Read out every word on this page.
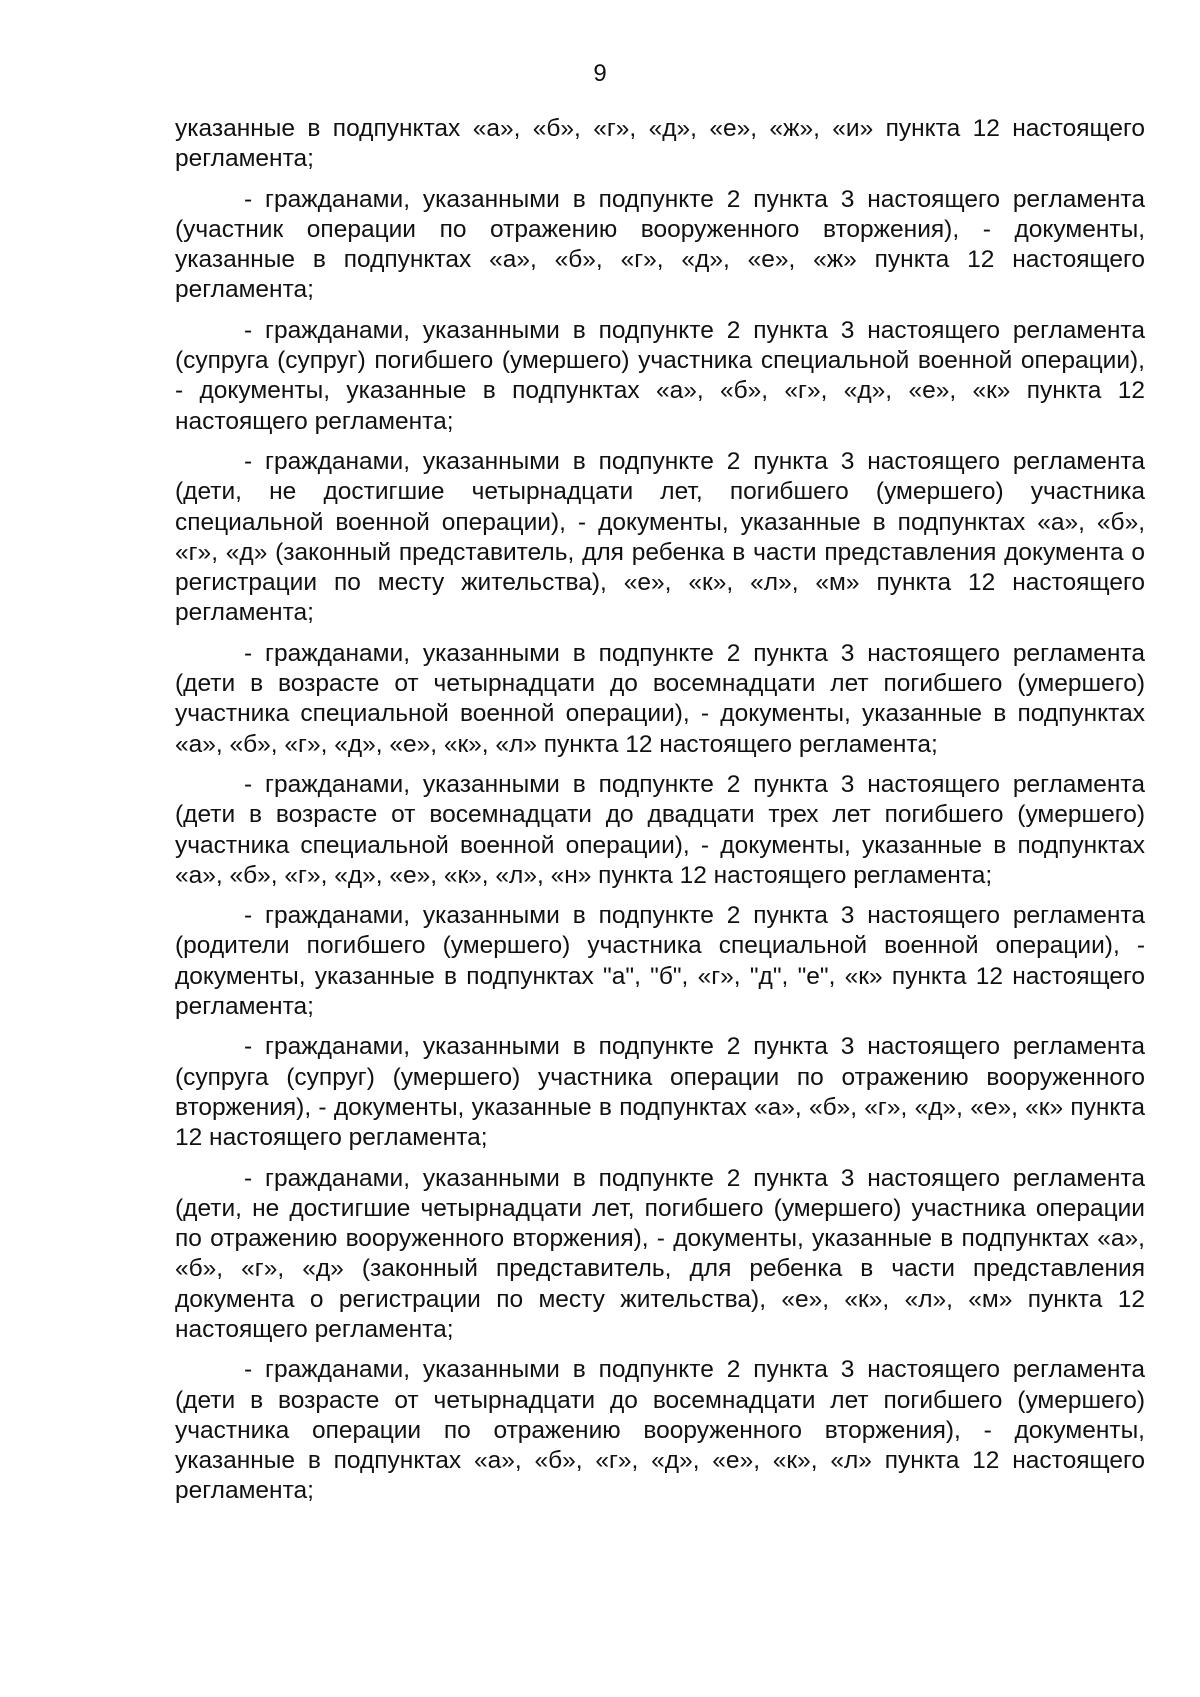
9

указанные в подпунктах «а», «б», «г», «д», «е», «ж», «и» пункта 12 настоящего регламента;

- гражданами, указанными в подпункте 2 пункта 3 настоящего регламента (участник операции по отражению вооруженного вторжения), - документы, указанные в подпунктах «а», «б», «г», «д», «е», «ж» пункта 12 настоящего регламента;

- гражданами, указанными в подпункте 2 пункта 3 настоящего регламента (супруга (супруг) погибшего (умершего) участника специальной военной операции), - документы, указанные в подпунктах «а», «б», «г», «д», «е», «к» пункта 12 настоящего регламента;

- гражданами, указанными в подпункте 2 пункта 3 настоящего регламента (дети, не достигшие четырнадцати лет, погибшего (умершего) участника специальной военной операции), - документы, указанные в подпунктах «а», «б», «г», «д» (законный представитель, для ребенка в части представления документа о регистрации по месту жительства), «е», «к», «л», «м» пункта 12 настоящего регламента;

- гражданами, указанными в подпункте 2 пункта 3 настоящего регламента (дети в возрасте от четырнадцати до восемнадцати лет погибшего (умершего) участника специальной военной операции), - документы, указанные в подпунктах «а», «б», «г», «д», «е», «к», «л» пункта 12 настоящего регламента;

- гражданами, указанными в подпункте 2 пункта 3 настоящего регламента (дети в возрасте от восемнадцати до двадцати трех лет погибшего (умершего) участника специальной военной операции), - документы, указанные в подпунктах «а», «б», «г», «д», «е», «к», «л», «н» пункта 12 настоящего регламента;

- гражданами, указанными в подпункте 2 пункта 3 настоящего регламента (родители погибшего (умершего) участника специальной военной операции), - документы, указанные в подпунктах "а", "б", «г», "д", "е", «к» пункта 12 настоящего регламента;

- гражданами, указанными в подпункте 2 пункта 3 настоящего регламента (супруга (супруг) (умершего) участника операции по отражению вооруженного вторжения), - документы, указанные в подпунктах «а», «б», «г», «д», «е», «к» пункта 12 настоящего регламента;

- гражданами, указанными в подпункте 2 пункта 3 настоящего регламента (дети, не достигшие четырнадцати лет, погибшего (умершего) участника операции по отражению вооруженного вторжения), - документы, указанные в подпунктах «а», «б», «г», «д» (законный представитель, для ребенка в части представления документа о регистрации по месту жительства), «е», «к», «л», «м» пункта 12 настоящего регламента;

- гражданами, указанными в подпункте 2 пункта 3 настоящего регламента (дети в возрасте от четырнадцати до восемнадцати лет погибшего (умершего) участника операции по отражению вооруженного вторжения), - документы, указанные в подпунктах «а», «б», «г», «д», «е», «к», «л» пункта 12 настоящего регламента;
